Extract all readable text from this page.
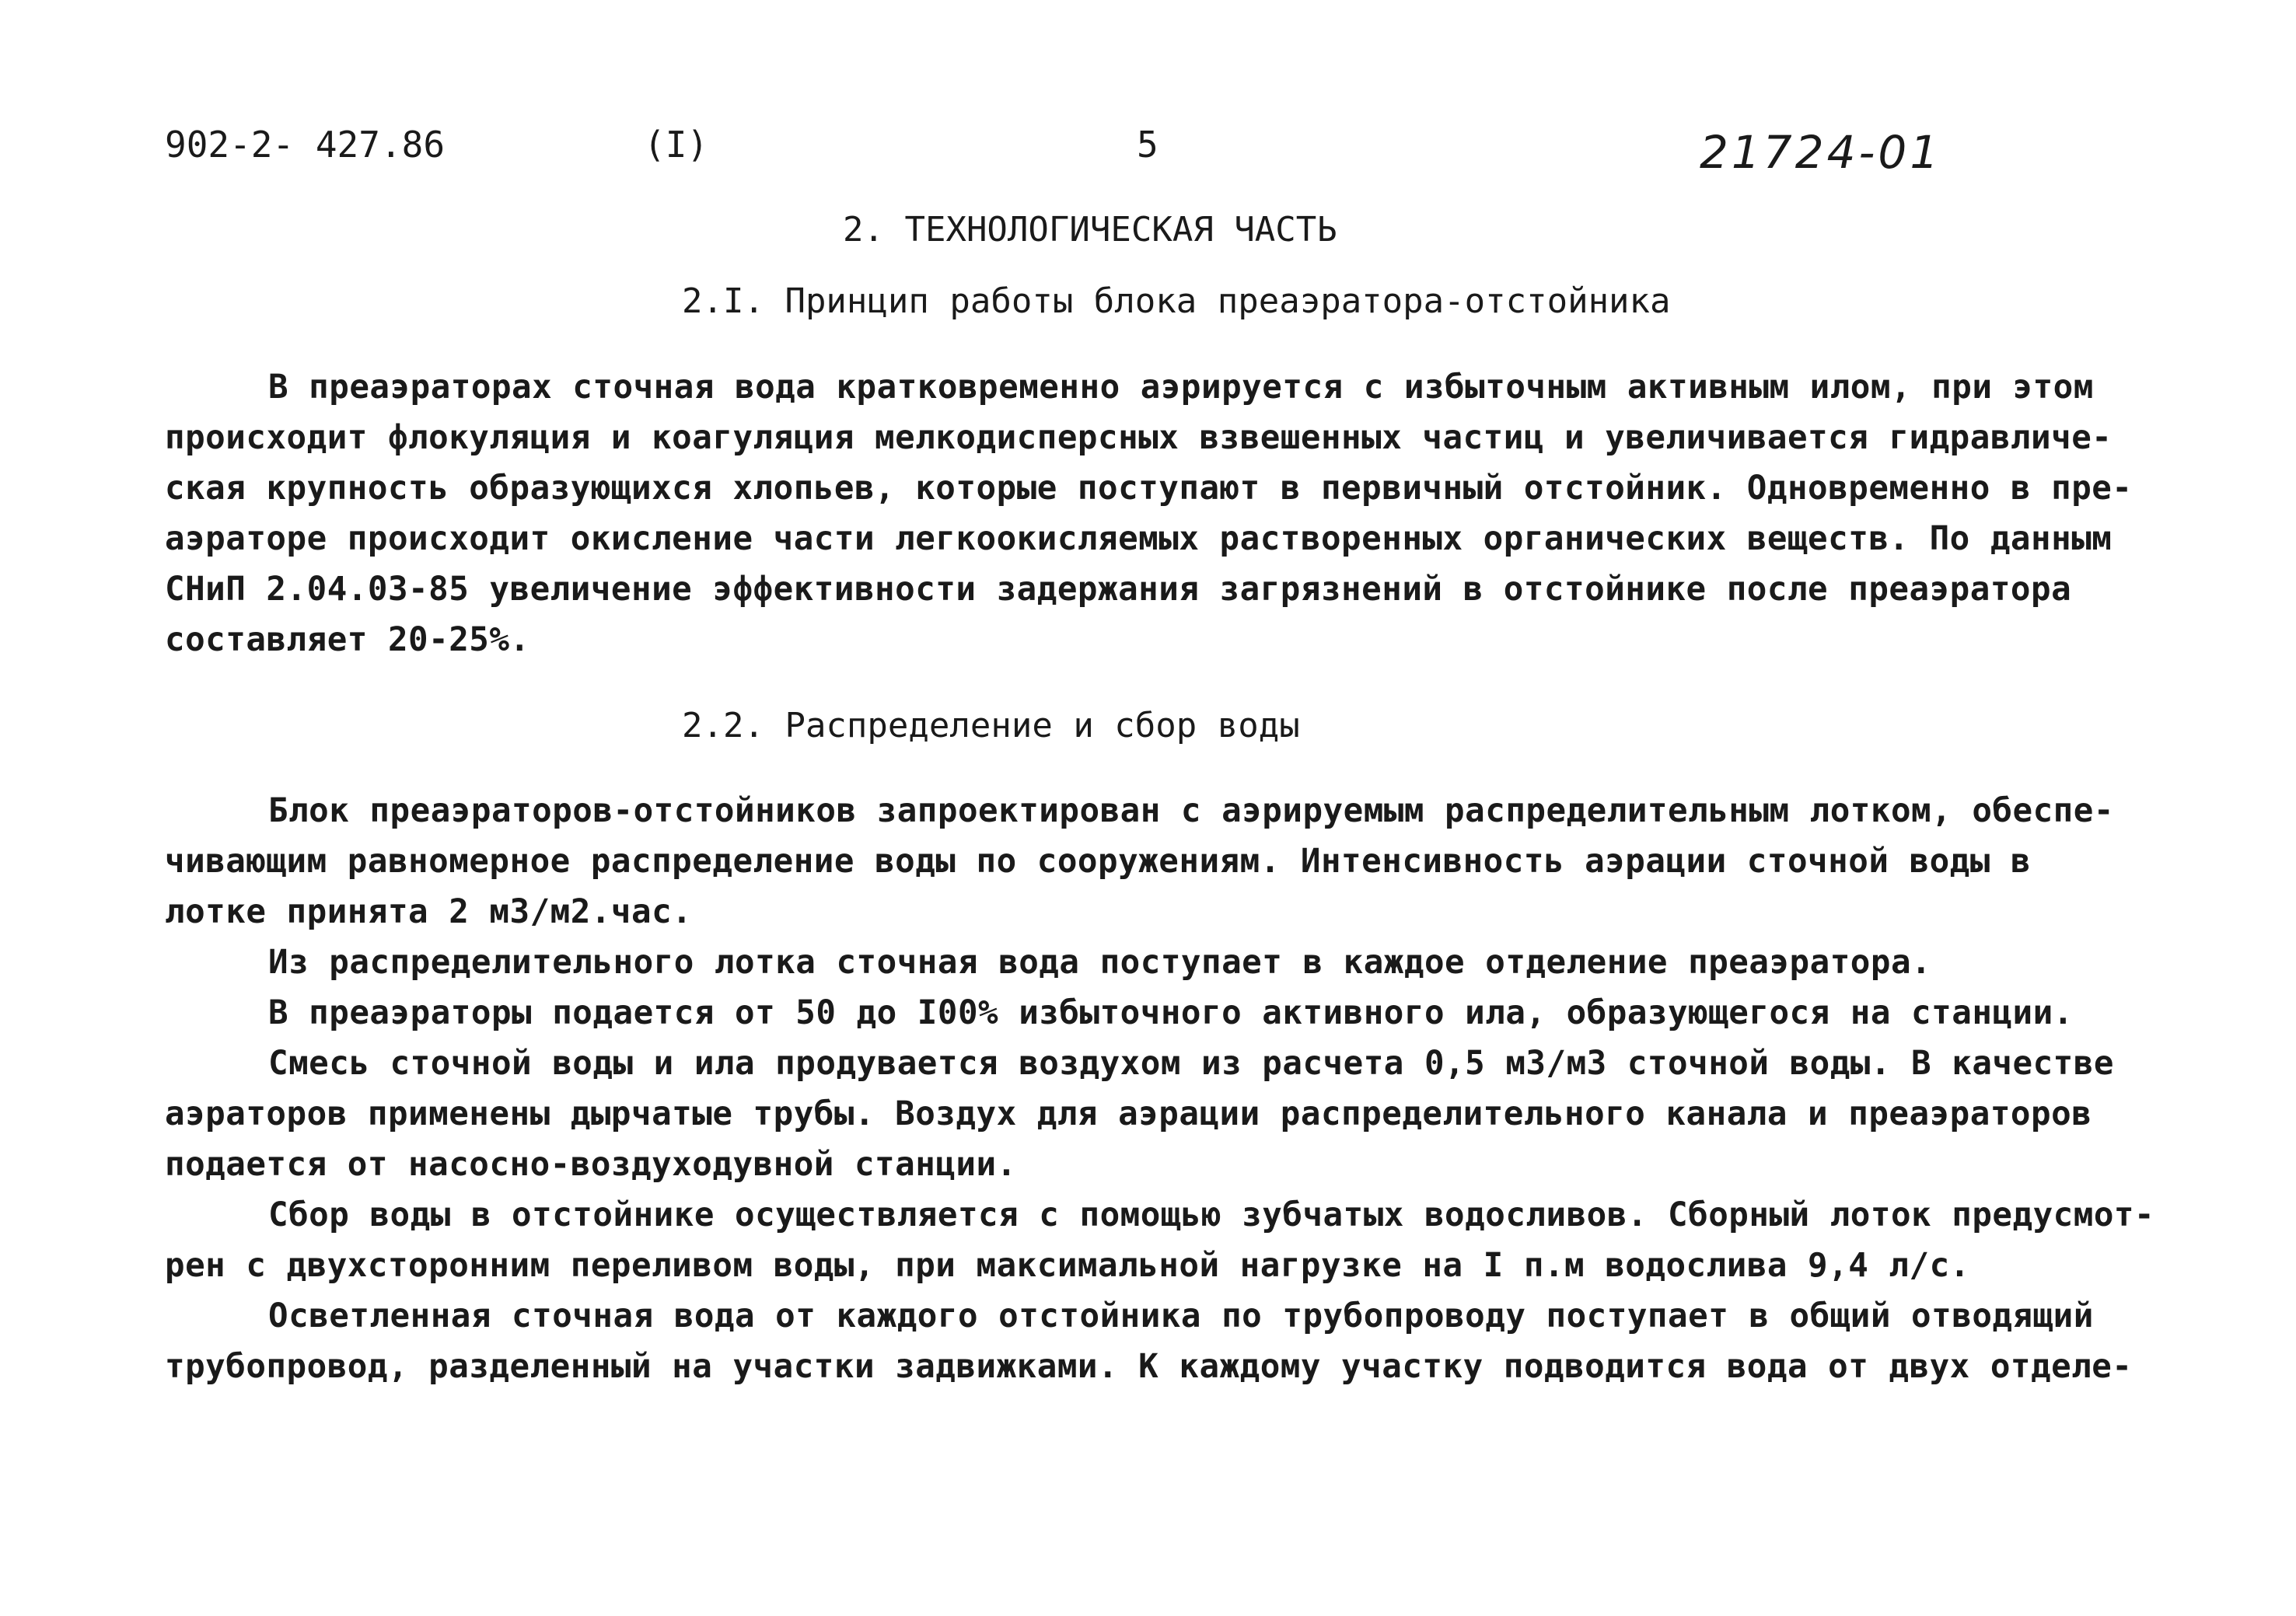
902-2- 427.86	(I)	5	21724-01
2. ТЕХНОЛОГИЧЕСКАЯ ЧАСТЬ
2.I. Принцип работы блока преаэратора-отстойника
В преаэраторах сточная вода кратковременно аэрируется с избыточным активным илом, при этом
происходит флокуляция и коагуляция мелкодисперсных взвешенных частиц и увеличивается гидравличе-
ская крупность образующихся хлопьев, которые поступают в первичный отстойник. Одновременно в пре-
аэраторе происходит окисление части легкоокисляемых растворенных органических веществ. По данным
СНиП 2.04.03-85 увеличение эффективности задержания загрязнений в отстойнике после преаэратора
составляет 20-25%.
2.2. Распределение и сбор воды
Блок преаэраторов-отстойников запроектирован с аэрируемым распределительным лотком, обеспе-
чивающим равномерное распределение воды по сооружениям. Интенсивность аэрации сточной воды в
лотке принята 2 м3/м2.час.
Из распределительного лотка сточная вода поступает в каждое отделение преаэратора.
В преаэраторы подается от 50 до I00% избыточного активного ила, образующегося на станции.
Смесь сточной воды и ила продувается воздухом из расчета 0,5 м3/м3 сточной воды. В качестве
аэраторов применены дырчатые трубы. Воздух для аэрации распределительного канала и преаэраторов
подается от насосно-воздуходувной станции.
Сбор воды в отстойнике осуществляется с помощью зубчатых водосливов. Сборный лоток предусмот-
рен с двухсторонним переливом воды, при максимальной нагрузке на I п.м водослива 9,4 л/с.
Осветленная сточная вода от каждого отстойника по трубопроводу поступает в общий отводящий
трубопровод, разделенный на участки задвижками. К каждому участку подводится вода от двух отделе-
